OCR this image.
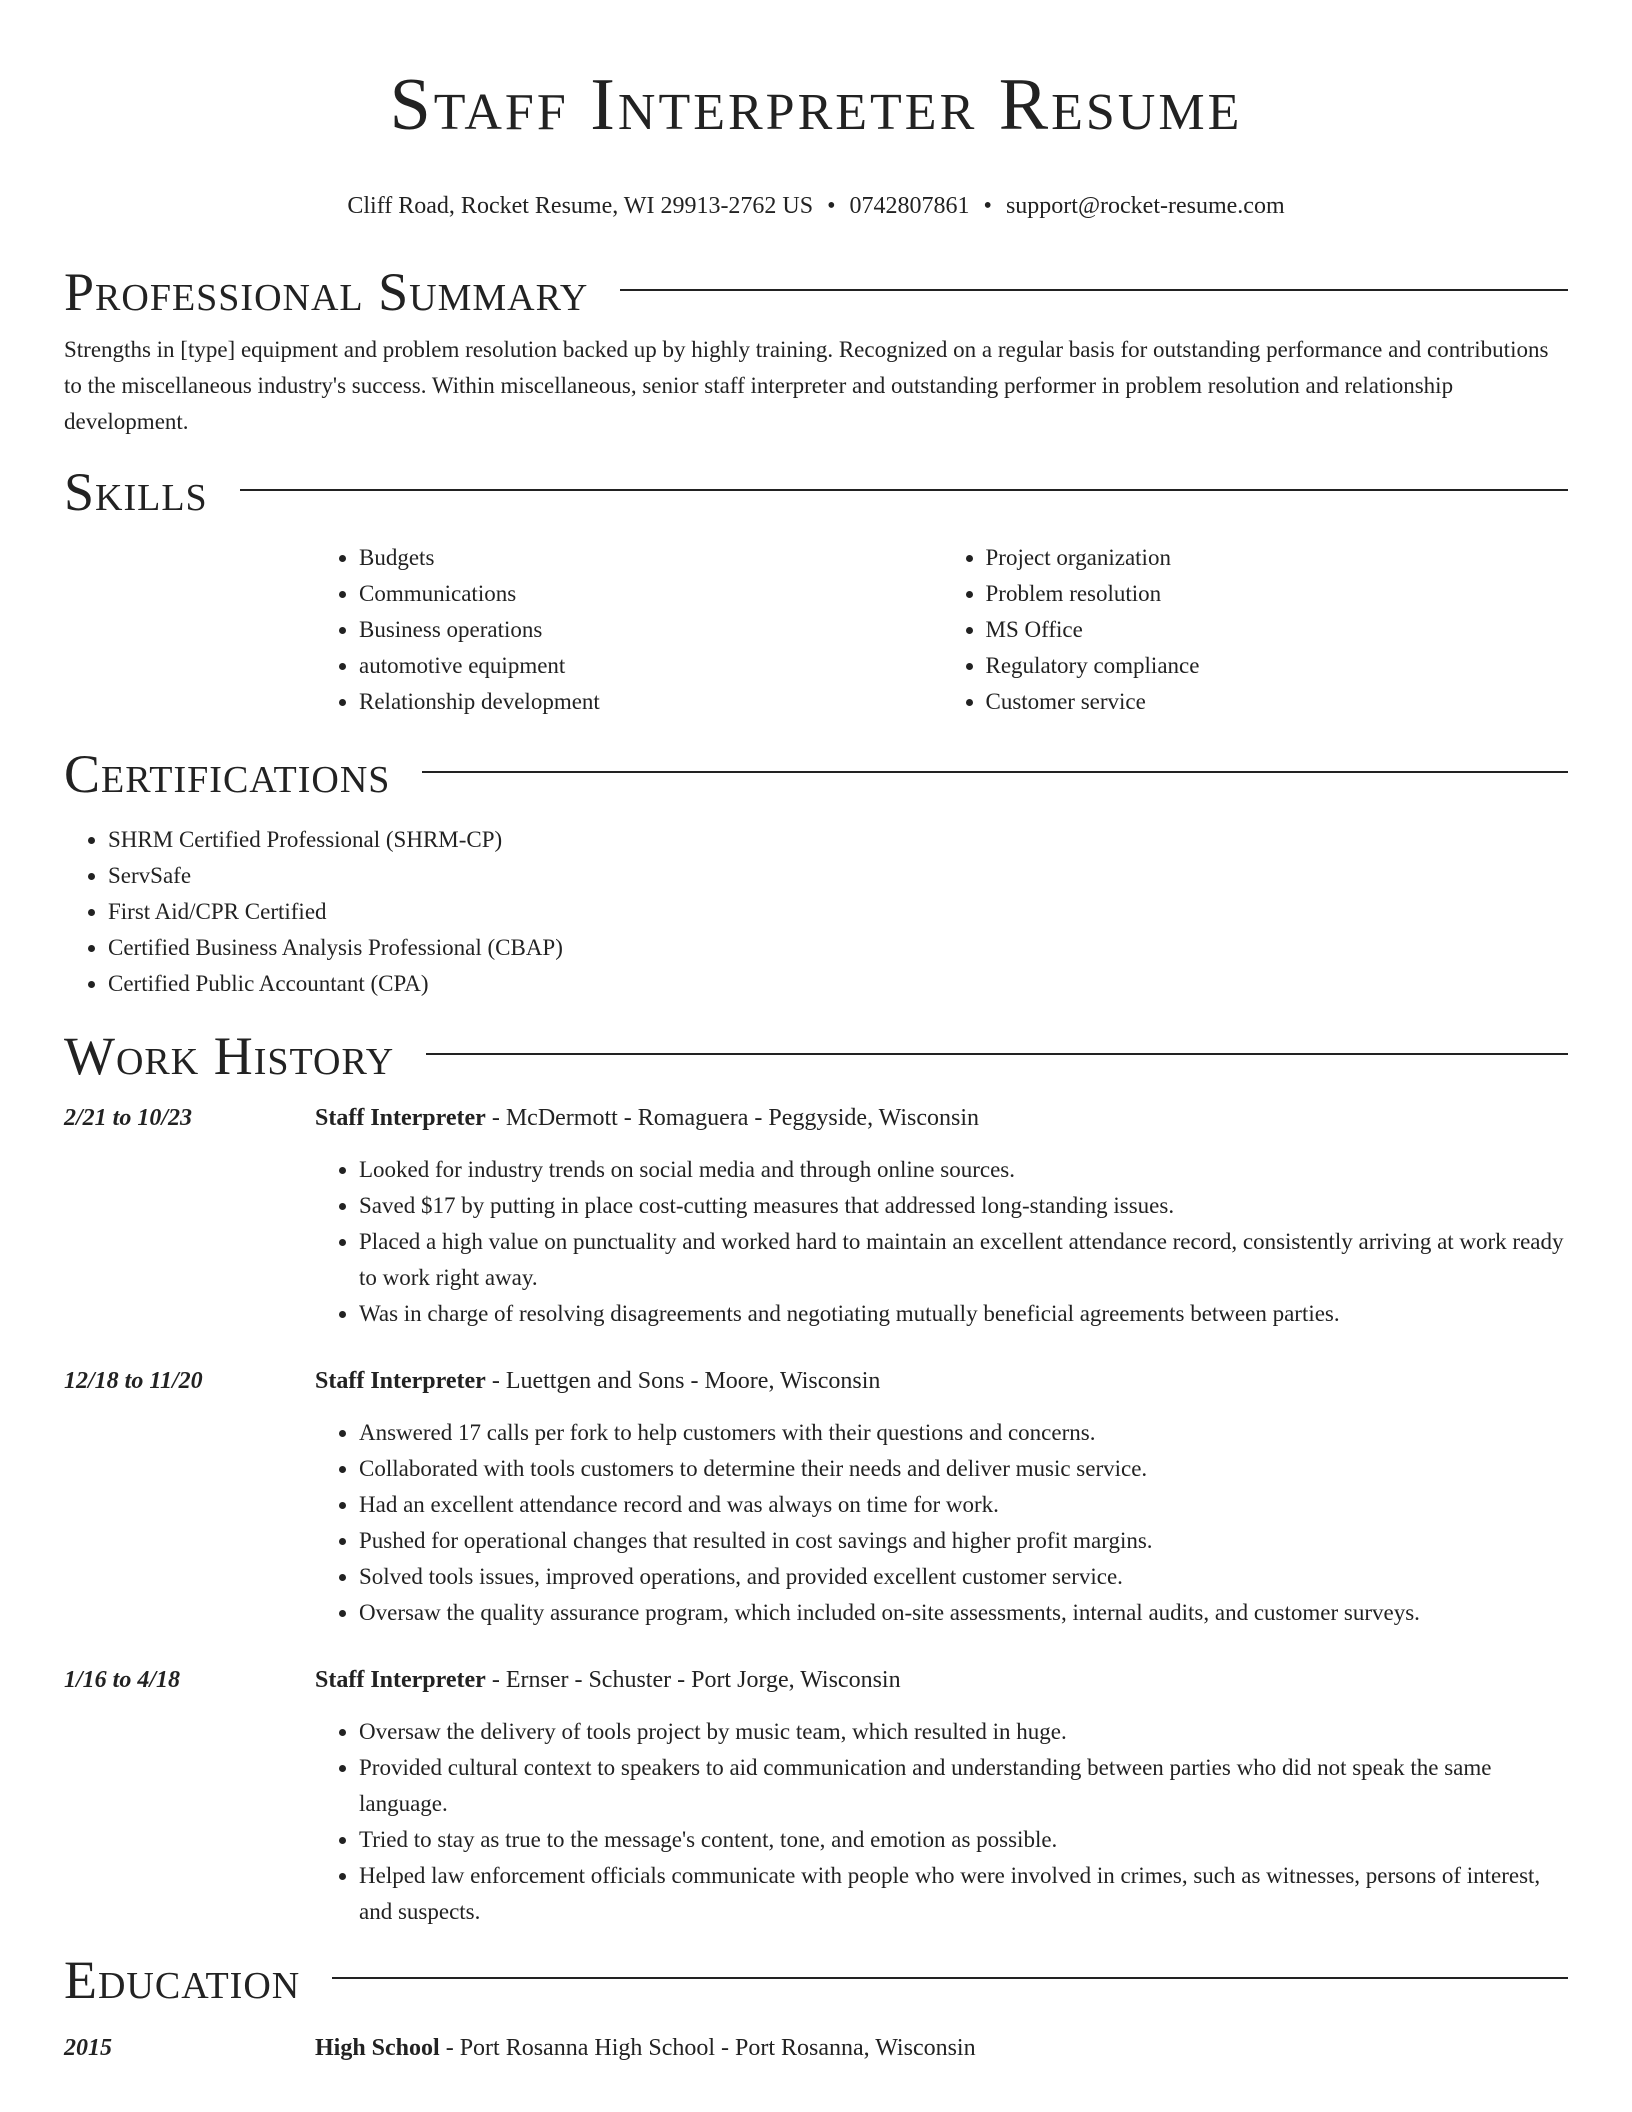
Staff Interpreter Resume
Cliff Road, Rocket Resume, WI 29913-2762 US • 0742807861 • support@rocket-resume.com
Professional Summary

Strengths in [type] equipment and problem resolution backed up by highly training. Recognized on a regular basis for outstanding performance and contributions to the miscellaneous industry's success. Within miscellaneous, senior staff interpreter and outstanding performer in problem resolution and relationship development.

Skills
• Budgets
• Communications
• Business operations
• automotive equipment
• Relationship development
• Project organization
• Problem resolution
• MS Office
• Regulatory compliance
• Customer service
Certifications
• SHRM Certified Professional (SHRM-CP)
• ServSafe
• First Aid/CPR Certified
• Certified Business Analysis Professional (CBAP)
• Certified Public Accountant (CPA)
Work History
2/21 to 10/23	Staff Interpreter - McDermott - Romaguera - Peggyside, Wisconsin
• Looked for industry trends on social media and through online sources.
• Saved $17 by putting in place cost-cutting measures that addressed long-standing issues.
• Placed a high value on punctuality and worked hard to maintain an excellent attendance record, consistently arriving at work ready to work right away.
• Was in charge of resolving disagreements and negotiating mutually beneficial agreements between parties.
12/18 to 11/20	Staff Interpreter - Luettgen and Sons - Moore, Wisconsin
• Answered 17 calls per fork to help customers with their questions and concerns.
• Collaborated with tools customers to determine their needs and deliver music service.
• Had an excellent attendance record and was always on time for work.
• Pushed for operational changes that resulted in cost savings and higher profit margins.
• Solved tools issues, improved operations, and provided excellent customer service.
• Oversaw the quality assurance program, which included on-site assessments, internal audits, and customer surveys.
1/16 to 4/18	Staff Interpreter - Ernser - Schuster - Port Jorge, Wisconsin
• Oversaw the delivery of tools project by music team, which resulted in huge.
• Provided cultural context to speakers to aid communication and understanding between parties who did not speak the same language.
• Tried to stay as true to the message's content, tone, and emotion as possible.
• Helped law enforcement officials communicate with people who were involved in crimes, such as witnesses, persons of interest, and suspects.
Education
2015	High School - Port Rosanna High School - Port Rosanna, Wisconsin
